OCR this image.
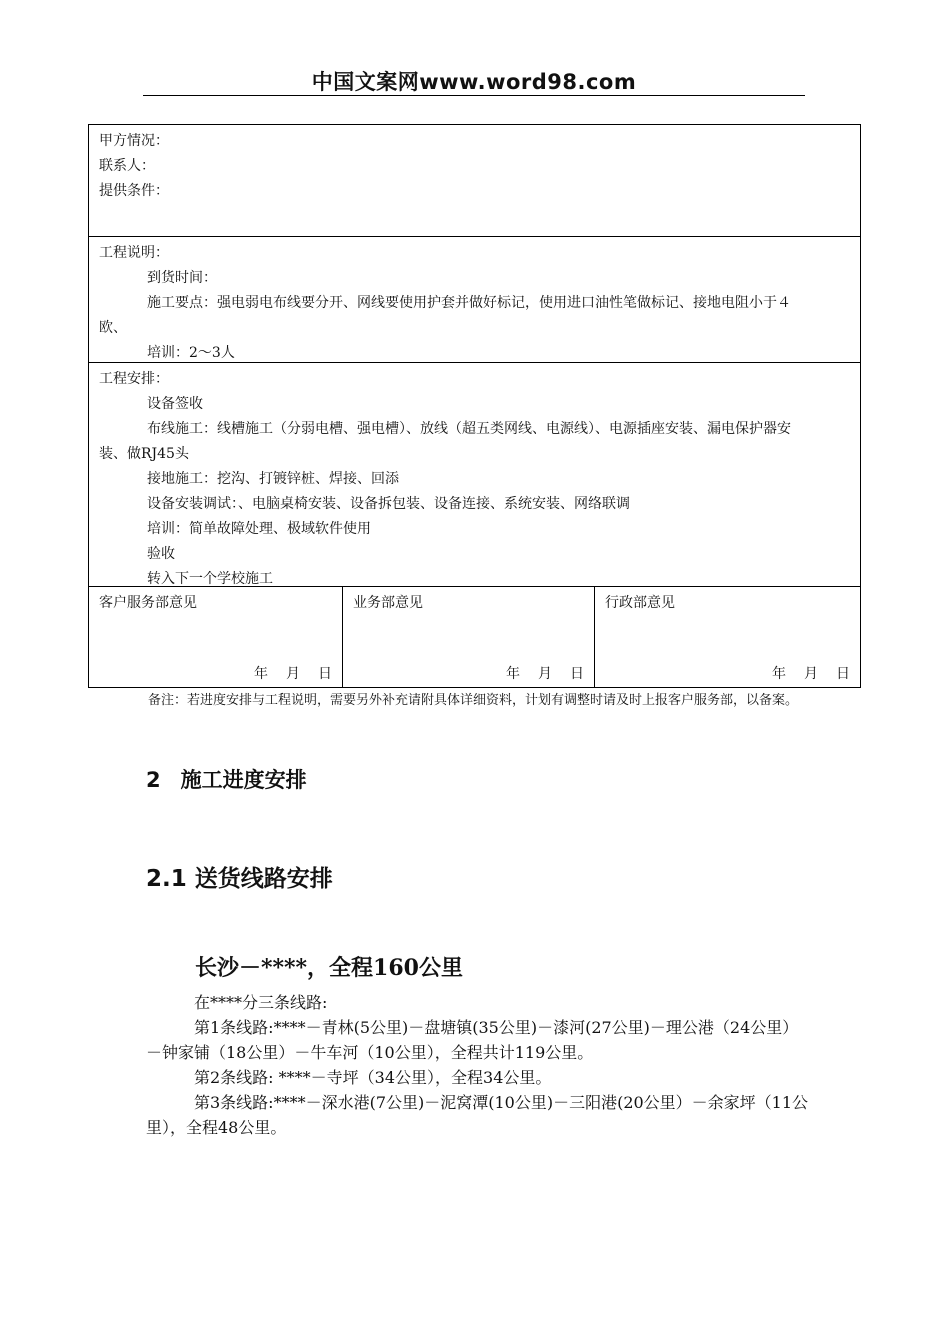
中国文案网www.word98.com
甲方情况：
联系人：
提供条件：
工程说明：
到货时间：
施工要点：强电弱电布线要分开、网线要使用护套并做好标记，使用进口油性笔做标记、接地电阻小于４
欧、
培训：2～3人
工程安排：
设备签收
布线施工：线槽施工（分弱电槽、强电槽）、放线（超五类网线、电源线）、电源插座安装、漏电保护器安
装、做RJ45头
接地施工：挖沟、打镀锌桩、焊接、回添
设备安装调试：、电脑桌椅安装、设备拆包装、设备连接、系统安装、网络联调
培训：简单故障处理、极域软件使用
验收
转入下一个学校施工
客户服务部意见
年 月 日
业务部意见
年 月 日
行政部意见
年 月 日
备注：若进度安排与工程说明，需要另外补充请附具体详细资料，计划有调整时请及时上报客户服务部，以备案。
2 施工进度安排
2.1 送货线路安排
长沙－****，全程160公里

在****分三条线路:

第1条线路:****－青林(5公里)－盘塘镇(35公里)－漆河(27公里)－理公港（24公里）－钟家铺（18公里）－牛车河（10公里），全程共计119公里。

第2条线路: ****－寺坪（34公里），全程34公里。

第3条线路:****－深水港(7公里)－泥窝潭(10公里)－三阳港(20公里）－余家坪（11公里），全程48公里。
